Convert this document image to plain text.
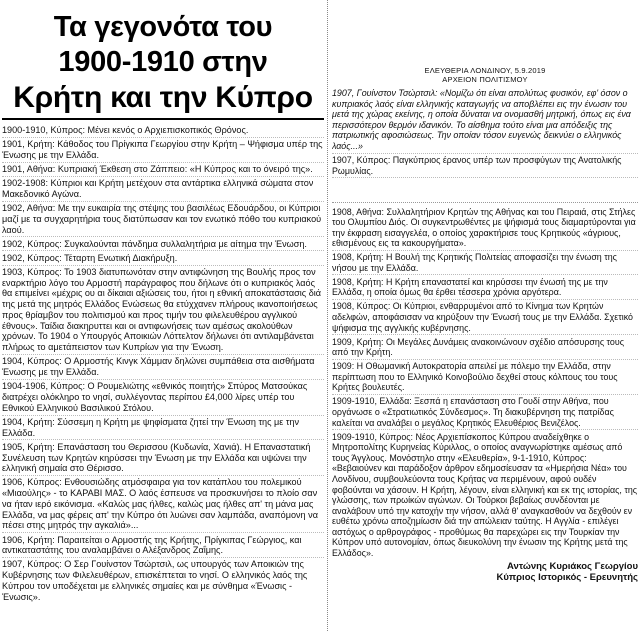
Τα γεγονότα του
1900-1910 στην
Κρήτη και την Κύπρο
1900-1910, Κύπρος: Μένει κενός ο Αρχιεπισκοπικός Θρόνος.
1901, Κρήτη: Κάθοδος του Πρίγκιπα Γεωργίου στην Κρήτη – Ψήφισμα υπέρ της Ένωσης με την Ελλάδα.
1901, Αθήνα: Κυπριακή Έκθεση στο Ζάππειο: «Η Κύπρος και το όνειρό της».
1902-1908: Κύπριοι και Κρήτη μετέχουν στα αντάρτικα ελληνικά σώματα στον Μακεδονικό Αγώνα.
1902, Αθήνα: Με την ευκαιρία της στέψης του βασιλέως Εδουάρδου, οι Κύπριοι μαζί με τα συγχαρητήρια τους διατύπωσαν και τον ενωτικό πόθο του κυπριακού λαού.
1902, Κύπρος: Συγκαλούνται πάνδημα συλλαλητήρια με αίτημα την Ένωση.
1902, Κύπρος: Τέταρτη Ενωτική Διακήρυξη.
1903, Κύπρος: Το 1903 διατυπωνόταν στην αντιφώνηση της Βουλής προς τον εναρκτήριο λόγο του Αρμοστή παράγραφος που δήλωνε ότι ο κυπριακός λαός θα επιμείνει «μέχρις ου αι δίκαιαι αξιώσεις του, ήτοι η εθνική αποκατάστασις διά της μετά της μητρός Ελλάδος Ενώσεως θα ετύχχανεν πλήρους ικανοποιήσεως προς θρίαμβον του πολιτισμού και προς τιμήν του φιλελευθέρου αγγλικού έθνους». Ταίδια διακηρυττει και οι αντιφωνήσεις των αμέσως ακολούθων χρόνων. Το 1904 ο Υπουργός Αποικιών Λόττελτον δήλωνει ότι αντιλαμβάνεται πλήρως το αμετάπειστον των Κυπρίων για την Ένωση.
1904, Κύπρος: Ο Αρμοστής Κινγκ Χάμμαν δηλώνει συμπάθεια στα αισθήματα Ένωσης με την Ελλάδα.
1904-1906, Κύπρος: Ο Ρουμελιώτης «εθνικός ποιητής» Σπύρος Ματσούκας διατρέχει ολόκληρο το νησί, συλλέγοντας περίπου £4,000 λίρες υπέρ του Εθνικού Ελληνικού Βασιλικού Στόλου.
1904, Κρήτη: Σύσσεμη η Κρήτη με ψηφίσματα ζητεί την Ένωση της με την Ελλάδα.
1905, Κρήτη: Επανάσταση του Θερισσου (Κυδωνία, Χανιά). Η Επαναστατική Συνέλευση των Κρητών κηρύσσει την Ένωση με την Ελλάδα και υψώνει την ελληνική σημαία στο Θέρισσο.
1906, Κύπρος: Ενθουσιώδης ατμόσφαιρα για τον κατάπλου του πολεμικού «Μιαούλης» - το ΚΑΡΑΒΙ ΜΑΣ. Ο λαός έσπευσε να προσκυνήσει το πλοίο σαν να ήταν ιερό εικόνισμα. «Καλώς μας ήλθες, καλώς μας ήλθες απ' τη μάνα μας Ελλάδα, να μας φέρεις απ' την Κύπρο ότι λυώνει σαν λαμπάδα, αναπόμονη να πέσει στης μητρός την αγκαλιά»...
1906, Κρήτη: Παραιτείται ο Αρμοστής της Κρήτης, Πρίγκιπας Γεώργιος, και αντικαταστάτης του αναλαμβάνει ο Αλέξανδρος Ζαΐμης.
1907, Κύπρος: Ο Σερ Γουίνστον Τσώρτσιλ, ως υπουργός των Αποικιών της Κυβέρνησης των Φιλελευθέρων, επισκέπτεται το νησί. Ο ελληνικός λαός της Κύπρου τον υποδέχεται με ελληνικές σημαίες και με σύνθημα «Ένωσις - Ένωσις».
ΕΛΕΥΘΕΡΙΑ ΛΟΝΔΙΝΟΥ, 5.9.2019
ΑΡΧΕΙΟΝ ΠΟΛΙΤΙΣΜΟΥ
1907, Γουίνστον Τσώρτσιλ: «Νομίζω ότι είναι απολύτως φυσικόν, εφ' όσον ο κυπριακός λαός είναι ελληνικής καταγωγής να αποβλέπει εις την ένωσιν του μετά της χώρας εκείνης, η οποία δύναται να ονομασθή μητρική, όπως εις ένα περισσότερον θερμόν ιδανικόν. Το αίσθημα τούτο είναι μια απόδειξις της πατριωτικής αφοσιώσεως. Την οποίαν τόσον ευγενώς δεικνύει ο ελληνικός λαός...»
1907, Κύπρος: Παγκύπριος έρανος υπέρ των προσφύγων της Ανατολικής Ρωμυλίας.
1908, Αθήνα: Συλλαλητήριον Κρητών της Αθήνας και του Πειραιά, στις Στήλες του Ολυμπίου Διός. Οι συγκεντρωθέντες με ψήφισμά τους διαμαρτύρονται για την έκφραση εισαγγελέα, ο οποίος χαρακτήρισε τους Κρητικούς «άγριους, εθισμένους εις τα κακουργήματα».
1908, Κρήτη: Η Βουλή της Κρητικής Πολιτείας αποφασίζει την ένωση της νήσου με την Ελλάδα.
1908, Κρήτη: Η Κρήτη επαναστατεί και κηρύσσει την ένωσή της με την Ελλάδα, η οποία όμως θα έρθει τέσσερα χρόνια αργότερα.
1908, Κύπρος: Οι Κύπριοι, ενθαρρυμένοι από το Κίνημα των Κρητών αδελφών, αποφάσισαν να κηρύξουν την Ένωσή τους με την Ελλάδα. Σχετικό ψήφισμα της αγγλικής κυβέρνησης.
1909, Κρήτη: Οι Μεγάλες Δυνάμεις ανακοινώνουν σχέδιο απόσυρσης τους από την Κρήτη.
1909: Η Οθωμανική Αυτοκρατορία απειλεί με πόλεμο την Ελλάδα, στην περίπτωση που το Ελληνικό Κοινοβούλιο δεχθεί στους κόλπους του τους Κρήτες βουλευτές.
1909-1910, Ελλάδα: Ξεσπά η επανάσταση στο Γουδί στην Αθήνα, που οργάνωσε ο «Στρατιωτικός Σύνδεσμος». Τη διακυβέρνηση της πατρίδας καλείται να αναλάβει ο μεγάλος Κρητικός Ελευθέριος Βενιζέλος.
1909-1910, Κύπρος: Νέος Αρχιεπίσκοπος Κύπρου αναδείχθηκε ο Μητροπολίτης Κυρηνείας Κύριλλος, ο οποίος αναγνωρίστηκε αμέσως από τους Άγγλους. Μονόστηλο στην «Ελευθερία», 9-1-1910, Κύπρος: «Βεβαιούνεν και παράδοξον άρθρον εδημοσίευσαν τα «Ημερήσια Νέα» του Λονδίνου, συμβουλεύοντα τους Κρήτας να περιμένουν, αφού ουδέν φοβούνται να χάσουν. Η Κρήτη, λέγουν, είναι ελληνική και εκ της ιστορίας, της γλώσσης, των πρωίκών αγώνων. Οι Τούρκοι βεβαίως συνδέονται με αναλάβουν υπό την κατοχήν την νήσον, αλλά θ' αναγκασθούν να δεχθούν εν ευθέτω χρόνω αποζημίωσιν διά την απώλειαν ταύτης. Η Αγγλία - επιλέγει αστόχως ο αρθρογράφος - προθύμως θα παρεχώρει εις την Τουρκίαν την Κύπρον υπό αυτονομίαν, όπως διευκολύνη την ένωσιν της Κρήτης μετά της Ελλάδος».
Αντώνης Κυριάκος Γεωργίου
Κύπριος Ιστορικός - Ερευνητής
